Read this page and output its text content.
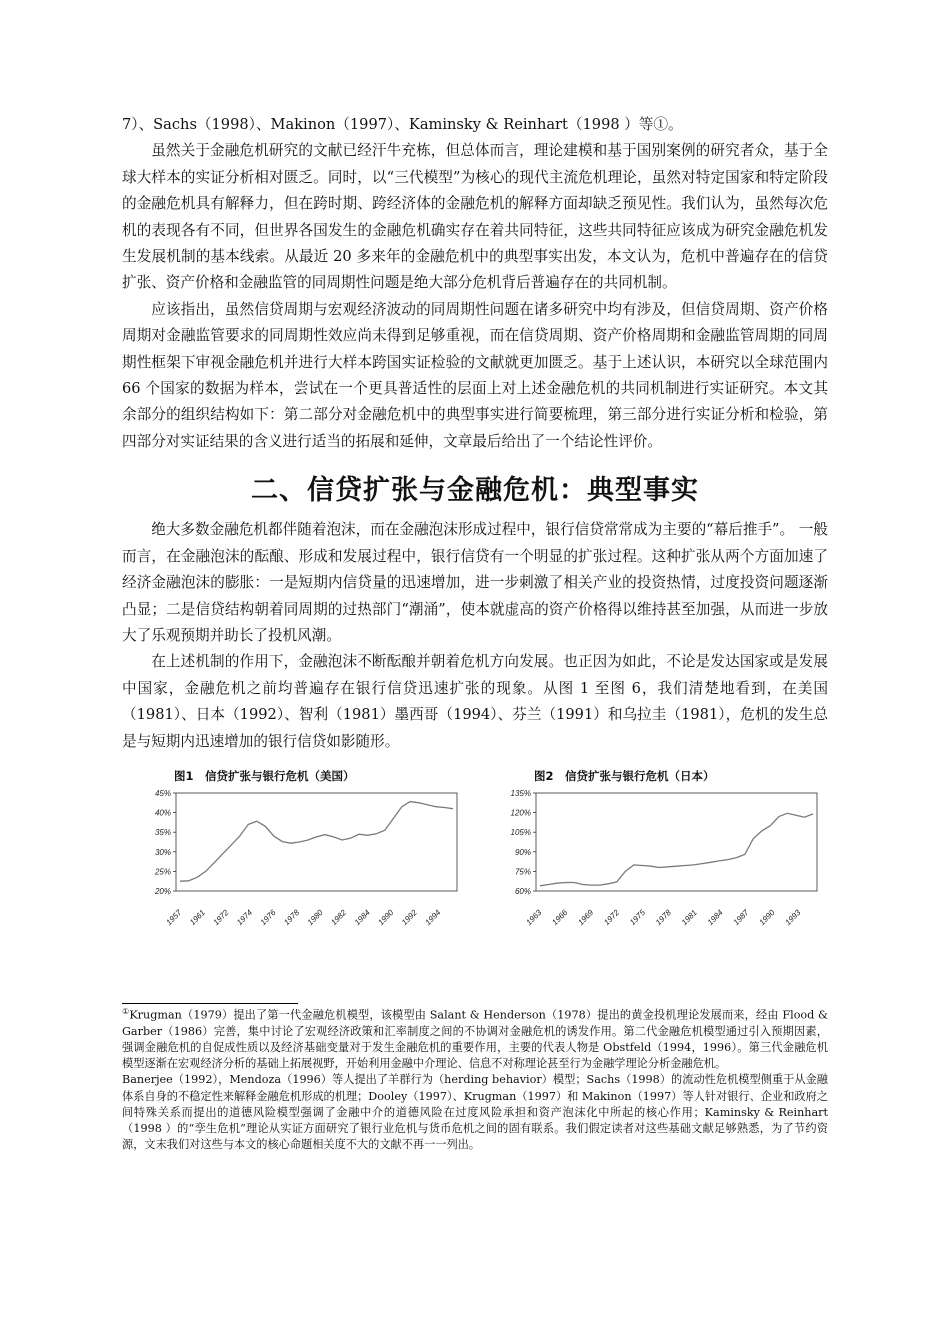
7）、Sachs（1998）、Makinon（1997）、Kaminsky & Reinhart（1998 ）等①。

虽然关于金融危机研究的文献已经汗牛充栋，但总体而言，理论建模和基于国别案例的研究者众，基于全球大样本的实证分析相对匮乏。同时，以“三代模型”为核心的现代主流危机理论，虽然对特定国家和特定阶段的金融危机具有解释力，但在跨时期、跨经济体的金融危机的解释方面却缺乏预见性。我们认为，虽然每次危机的表现各有不同，但世界各国发生的金融危机确实存在着共同特征，这些共同特征应该成为研究金融危机发生发展机制的基本线索。从最近 20 多来年的金融危机中的典型事实出发，本文认为，危机中普遍存在的信贷扩张、资产价格和金融监管的同周期性问题是绝大部分危机背后普遍存在的共同机制。

应该指出，虽然信贷周期与宏观经济波动的同周期性问题在诸多研究中均有涉及，但信贷周期、资产价格周期对金融监管要求的同周期性效应尚未得到足够重视，而在信贷周期、资产价格周期和金融监管周期的同周期性框架下审视金融危机并进行大样本跨国实证检验的文献就更加匮乏。基于上述认识，本研究以全球范围内 66 个国家的数据为样本，尝试在一个更具普适性的层面上对上述金融危机的共同机制进行实证研究。本文其余部分的组织结构如下：第二部分对金融危机中的典型事实进行简要梳理，第三部分进行实证分析和检验，第四部分对实证结果的含义进行适当的拓展和延伸，文章最后给出了一个结论性评价。

二、信贷扩张与金融危机：典型事实

绝大多数金融危机都伴随着泡沫，而在金融泡沫形成过程中，银行信贷常常成为主要的“幕后推手”。 一般而言，在金融泡沫的酝酿、形成和发展过程中，银行信贷有一个明显的扩张过程。这种扩张从两个方面加速了经济金融泡沫的膨胀：一是短期内信贷量的迅速增加，进一步刺激了相关产业的投资热情，过度投资问题逐渐凸显；二是信贷结构朝着同周期的过热部门“潮涌”，使本就虚高的资产价格得以维持甚至加强，从而进一步放大了乐观预期并助长了投机风潮。

在上述机制的作用下，金融泡沫不断酝酿并朝着危机方向发展。也正因为如此，不论是发达国家或是发展中国家，金融危机之前均普遍存在银行信贷迅速扩张的现象。从图 1 至图 6，我们清楚地看到，在美国（1981）、日本（1992）、智利（1981）墨西哥（1994）、芬兰（1991）和乌拉圭（1981），危机的发生总是与短期内迅速增加的银行信贷如影随形。

图1　信贷扩张与银行危机（美国）
20%
25%
30%
35%
40%
45%
1957 1961 1972 1974 1976 1978 1980 1982 1984 1990 1992 1994
图2　信贷扩张与银行危机（日本）
60%
75%
90%
105%
120%
135%
1963 1966 1969 1972 1975 1978 1981 1984 1987 1990 1993

①Krugman（1979）提出了第一代金融危机模型，该模型由 Salant & Henderson（1978）提出的黄金投机理论发展而来，经由 Flood & Garber（1986）完善，集中讨论了宏观经济政策和汇率制度之间的不协调对金融危机的诱发作用。第二代金融危机模型通过引入预期因素，强调金融危机的自促成性质以及经济基础变量对于发生金融危机的重要作用，主要的代表人物是 Obstfeld（1994，1996）。第三代金融危机模型逐渐在宏观经济分析的基础上拓展视野，开始利用金融中介理论、信息不对称理论甚至行为金融学理论分析金融危机。

Banerjee（1992），Mendoza（1996）等人提出了羊群行为（herding behavior）模型；Sachs（1998）的流动性危机模型侧重于从金融体系自身的不稳定性来解释金融危机形成的机理；Dooley（1997）、Krugman（1997）和 Makinon（1997）等人针对银行、企业和政府之间特殊关系而提出的道德风险模型强调了金融中介的道德风险在过度风险承担和资产泡沫化中所起的核心作用；Kaminsky & Reinhart（1998 ）的“孪生危机”理论从实证方面研究了银行业危机与货币危机之间的固有联系。我们假定读者对这些基础文献足够熟悉，为了节约资源，文末我们对这些与本文的核心命题相关度不大的文献不再一一列出。
